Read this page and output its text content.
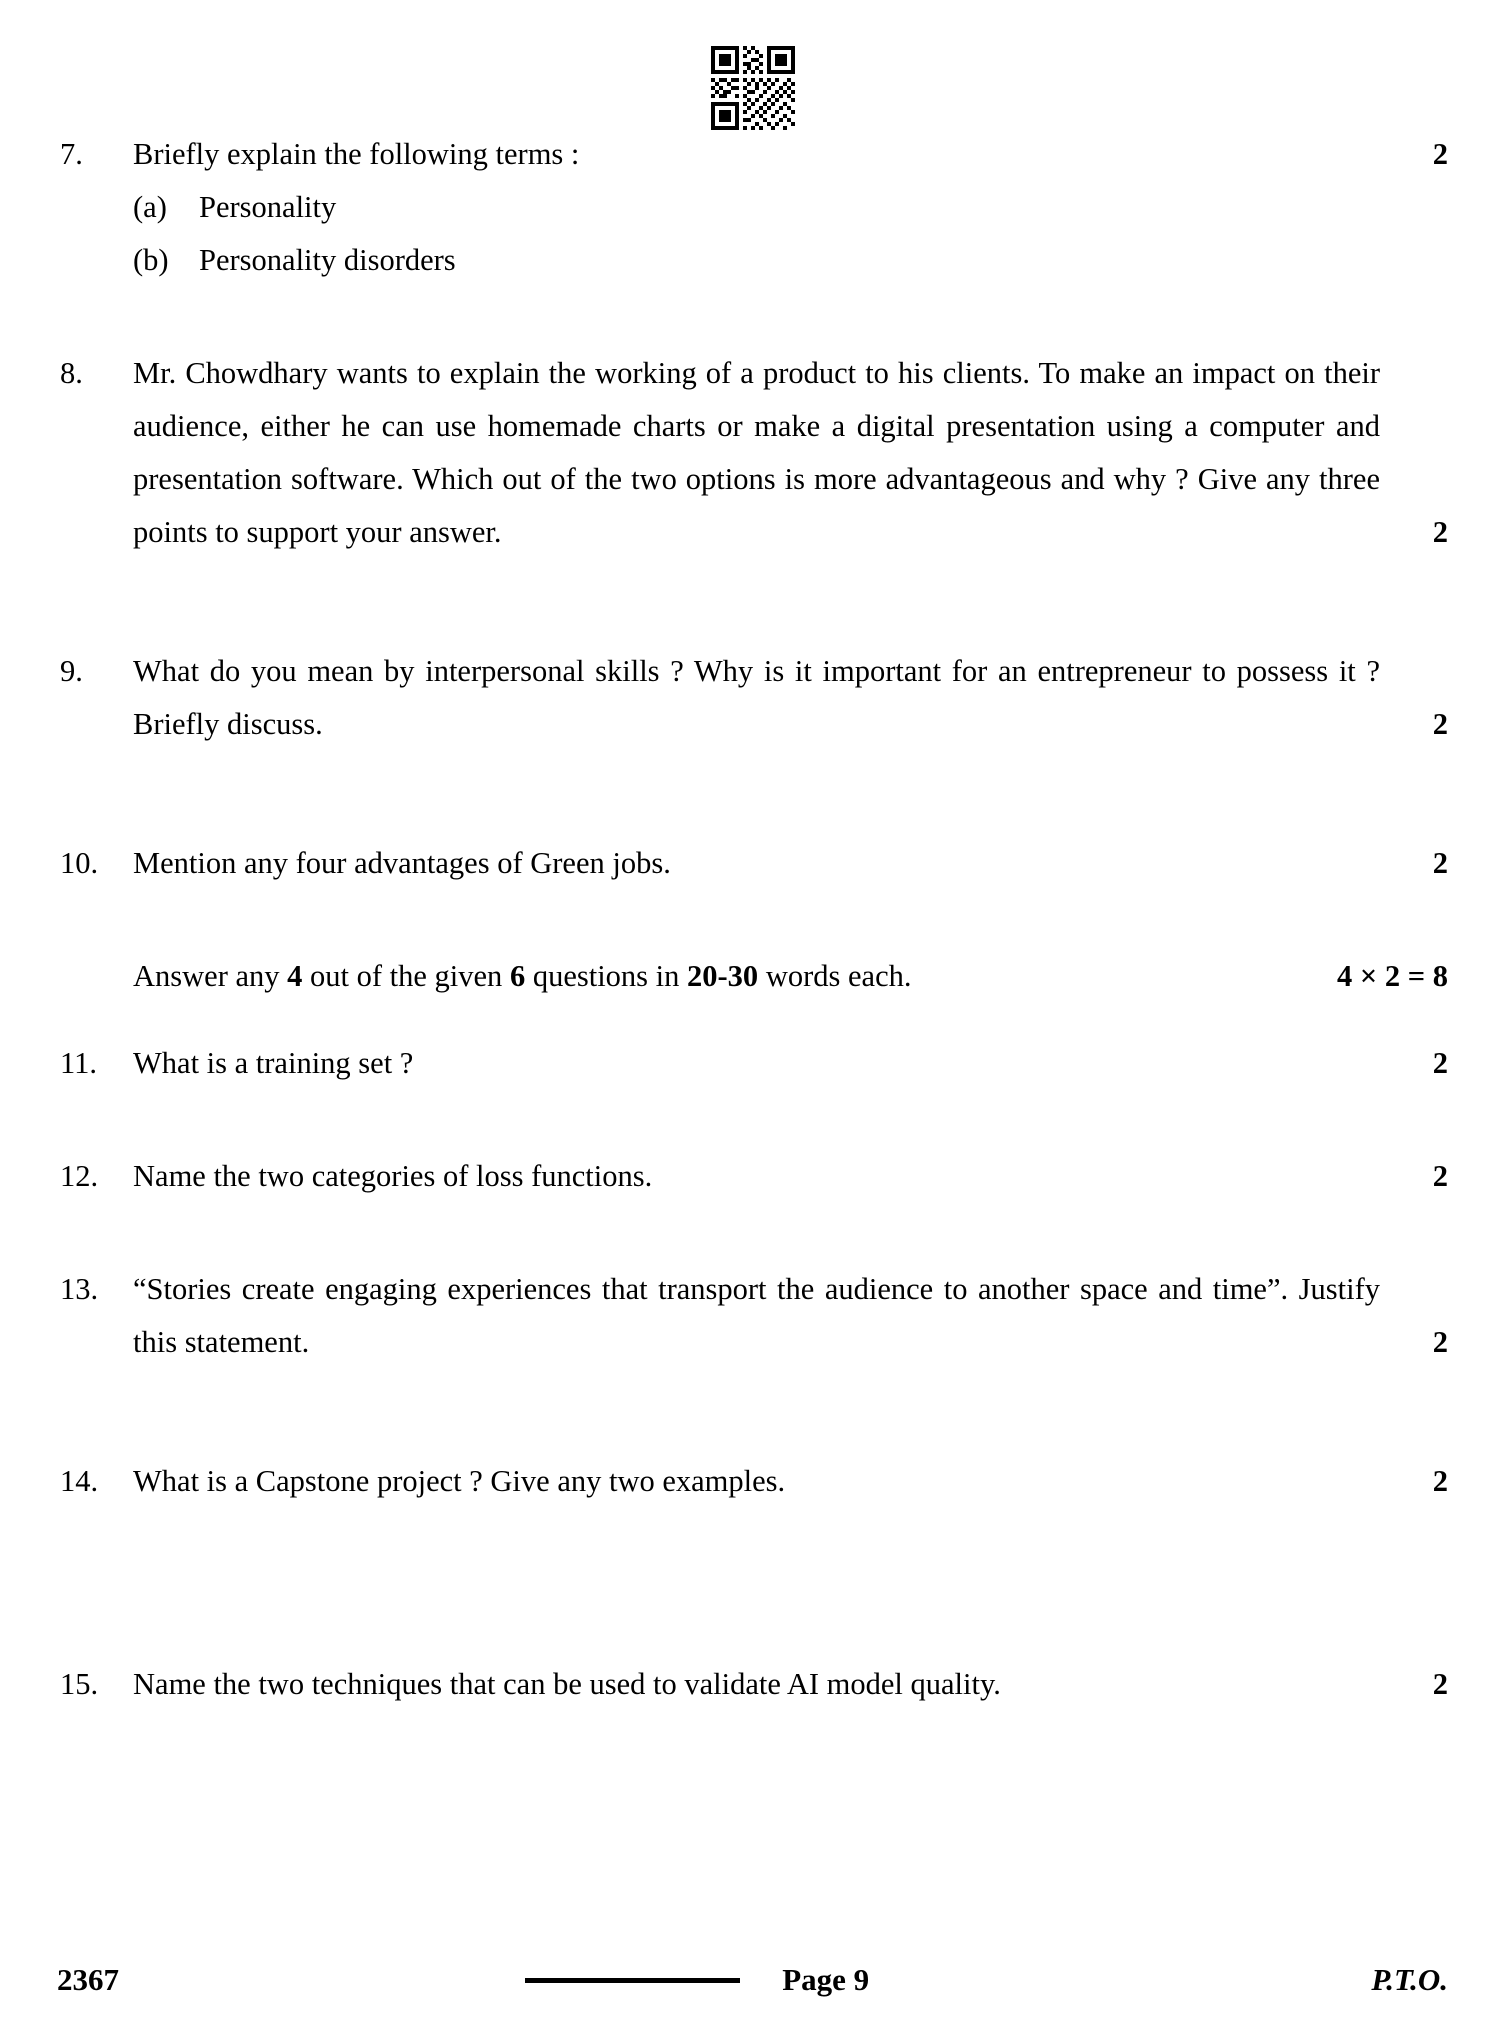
7.	Briefly explain the following terms :	2
(a)	Personality
(b) Personality disorders
8.	Mr. Chowdhary wants to explain the working of a product to his clients. To make an impact on their audience, either he can use homemade charts or make a digital presentation using a computer and presentation software. Which out of the two options is more advantageous and why ? Give any three points to support your answer.	2
9.	What do you mean by interpersonal skills ? Why is it important for an entrepreneur to possess it ? Briefly discuss.	2
10.	Mention any four advantages of Green jobs.	2
Answer any 4 out of the given 6 questions in 20-30 words each.	4 × 2 = 8
11.	What is a training set ?	2
12.	Name the two categories of loss functions.	2
13.	“Stories create engaging experiences that transport the audience to another space and time”. Justify this statement.	2
14.	What is a Capstone project ? Give any two examples.	2
15.	Name the two techniques that can be used to validate AI model quality.	2
2367	Page 9	P.T.O.
